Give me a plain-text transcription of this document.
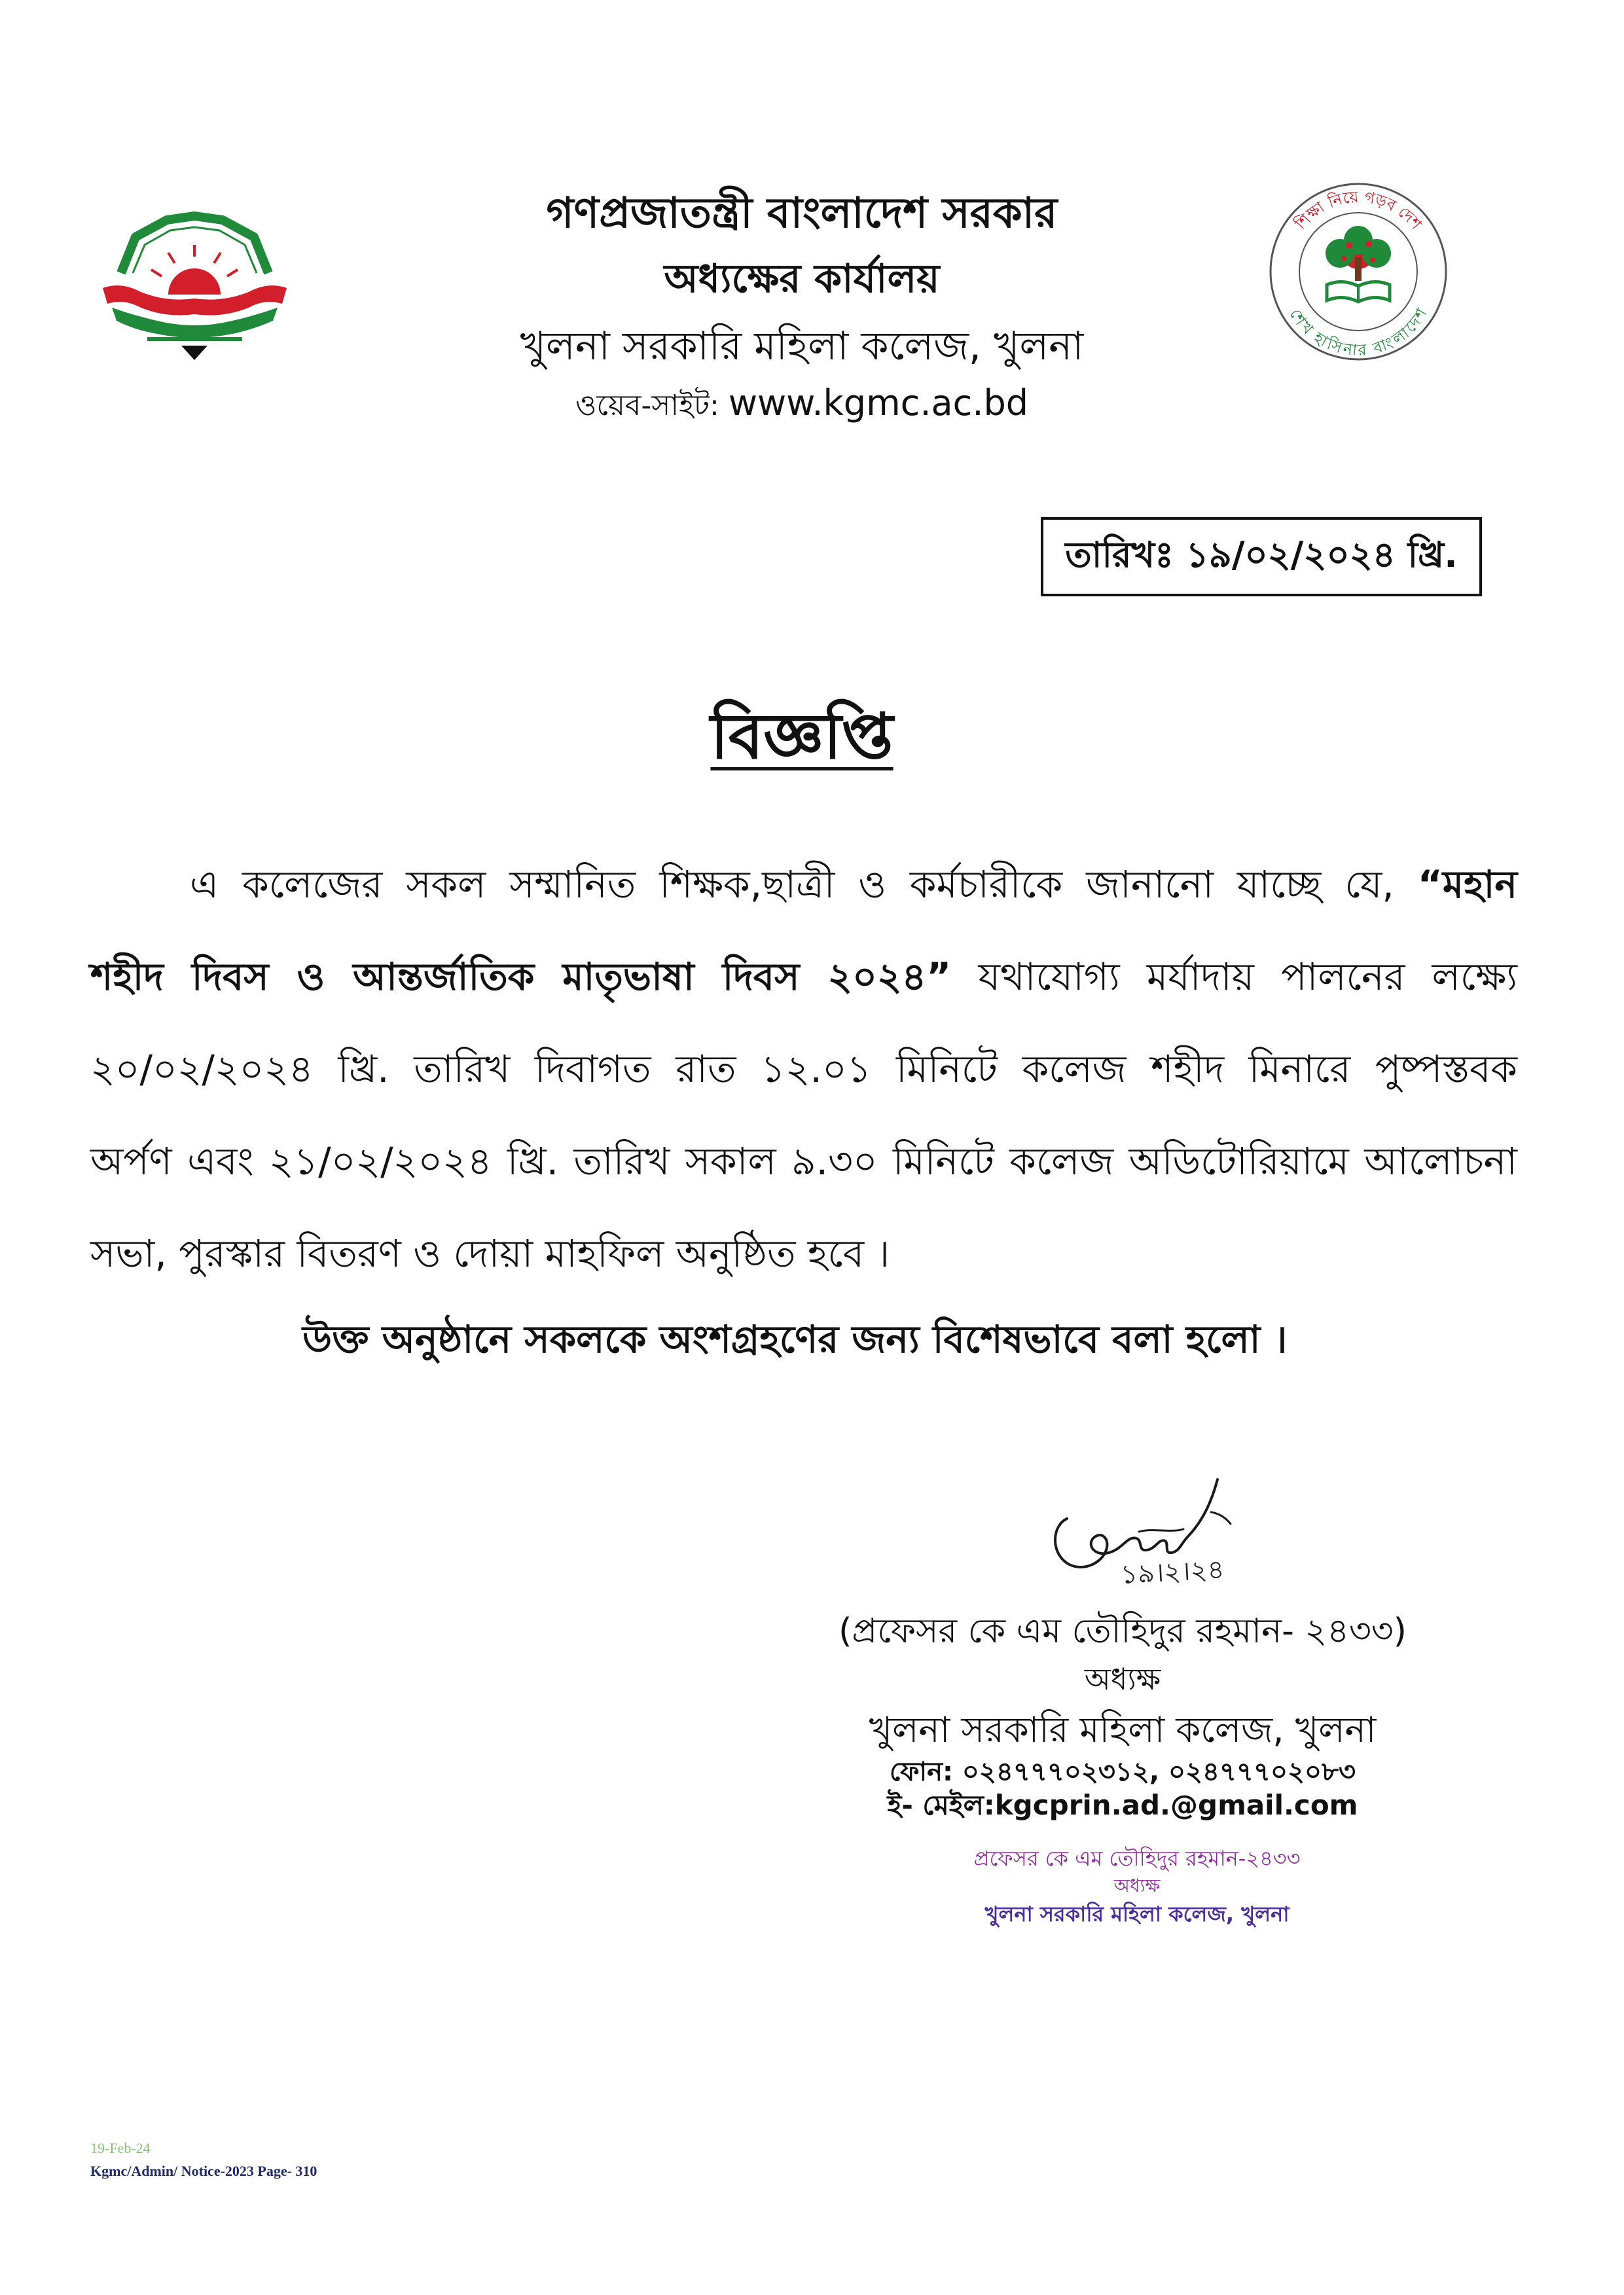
গণপ্রজাতন্ত্রী বাংলাদেশ সরকার
অধ্যক্ষের কার্যালয়
খুলনা সরকারি মহিলা কলেজ, খুলনা
ওয়েব-সাইট: www.kgmc.ac.bd
শিক্ষা নিয়ে গড়ব দেশ
শেখ হাসিনার বাংলাদেশ
তারিখঃ ১৯/০২/২০২৪ খ্রি.
বিজ্ঞপ্তি
এ কলেজের সকল সম্মানিত শিক্ষক,ছাত্রী ও কর্মচারীকে জানানো যাচ্ছে যে, “মহান
শহীদ দিবস ও আন্তর্জাতিক মাতৃভাষা দিবস ২০২৪” যথাযোগ্য মর্যাদায় পালনের লক্ষ্যে
২০/০২/২০২৪ খ্রি. তারিখ দিবাগত রাত ১২.০১ মিনিটে কলেজ শহীদ মিনারে পুষ্পস্তবক
অর্পণ এবং ২১/০২/২০২৪ খ্রি. তারিখ সকাল ৯.৩০ মিনিটে কলেজ অডিটোরিয়ামে আলোচনা
সভা, পুরস্কার বিতরণ ও দোয়া মাহফিল অনুষ্ঠিত হবে ।
উক্ত অনুষ্ঠানে সকলকে অংশগ্রহণের জন্য বিশেষভাবে বলা হলো ।
১৯।২।২৪
(প্রফেসর কে এম তৌহিদুর রহমান- ২৪৩৩)
অধ্যক্ষ
খুলনা সরকারি মহিলা কলেজ, খুলনা
ফোন: ০২৪৭৭৭০২৩১২, ০২৪৭৭৭০২০৮৩
ই- মেইল:kgcprin.ad.@gmail.com
প্রফেসর কে এম তৌহিদুর রহমান-২৪৩৩
অধ্যক্ষ
খুলনা সরকারি মহিলা কলেজ, খুলনা
19-Feb-24
Kgmc/Admin/ Notice-2023 Page- 310
